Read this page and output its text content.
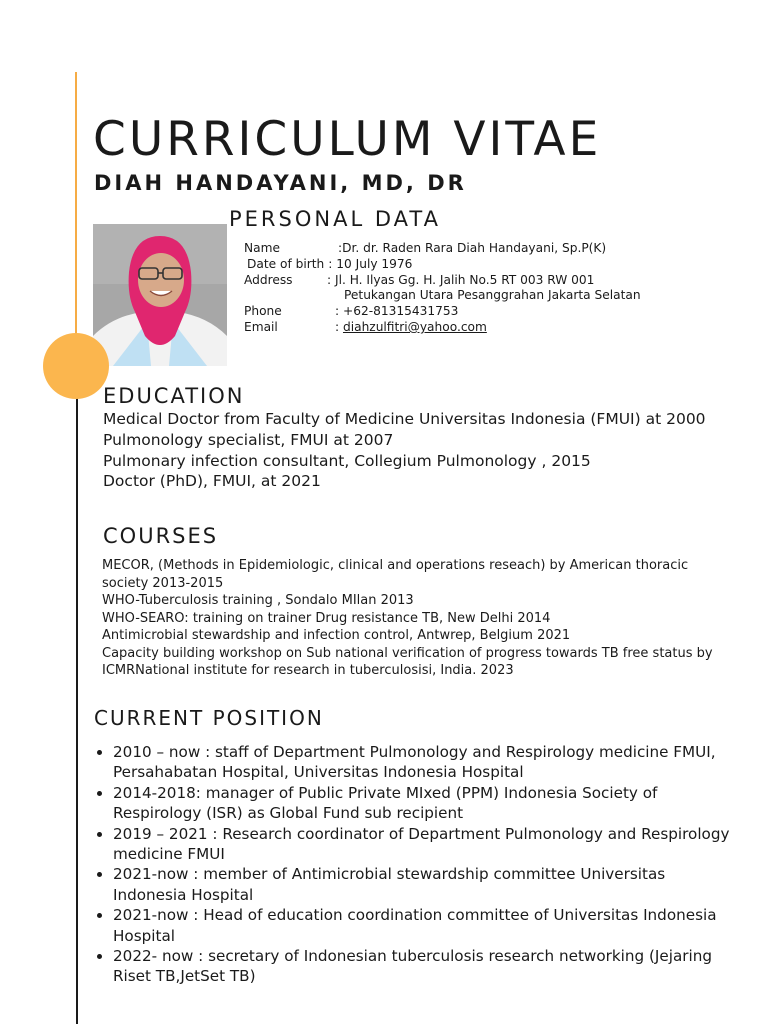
CURRICULUM VITAE
DIAH HANDAYANI, MD, DR
PERSONAL DATA
Name	:Dr. dr. Raden Rara Diah Handayani, Sp.P(K)
Date of birth : 10 July 1976
Address	: Jl. H. Ilyas Gg. H. Jalih No.5 RT 003 RW 001
Petukangan Utara Pesanggrahan Jakarta Selatan
Phone	: +62-81315431753
Email	: diahzulfitri@yahoo.com
EDUCATION

Medical Doctor from Faculty of Medicine Universitas Indonesia (FMUI) at 2000

Pulmonology specialist, FMUI at 2007

Pulmonary infection consultant, Collegium Pulmonology , 2015

Doctor (PhD), FMUI, at 2021

COURSES

MECOR, (Methods in Epidemiologic, clinical and operations reseach) by American thoracic society 2013-2015

WHO-Tuberculosis training , Sondalo MIlan 2013

WHO-SEARO: training on trainer Drug resistance TB, New Delhi 2014

Antimicrobial stewardship and infection control, Antwrep, Belgium 2021

Capacity building workshop on Sub national verification of progress towards TB free status by ICMRNational institute for research in tuberculosisi, India. 2023

CURRENT POSITION
2010 – now : staff of Department Pulmonology and Respirology medicine FMUI, Persahabatan Hospital, Universitas Indonesia Hospital
2014-2018: manager of Public Private MIxed (PPM) Indonesia Society of Respirology (ISR) as Global Fund sub recipient
2019 – 2021 : Research coordinator of Department Pulmonology and Respirology medicine FMUI
2021-now : member of Antimicrobial stewardship committee Universitas Indonesia Hospital
2021-now : Head of education coordination committee of Universitas Indonesia Hospital
2022- now : secretary of Indonesian tuberculosis research networking (Jejaring Riset TB,JetSet TB)
